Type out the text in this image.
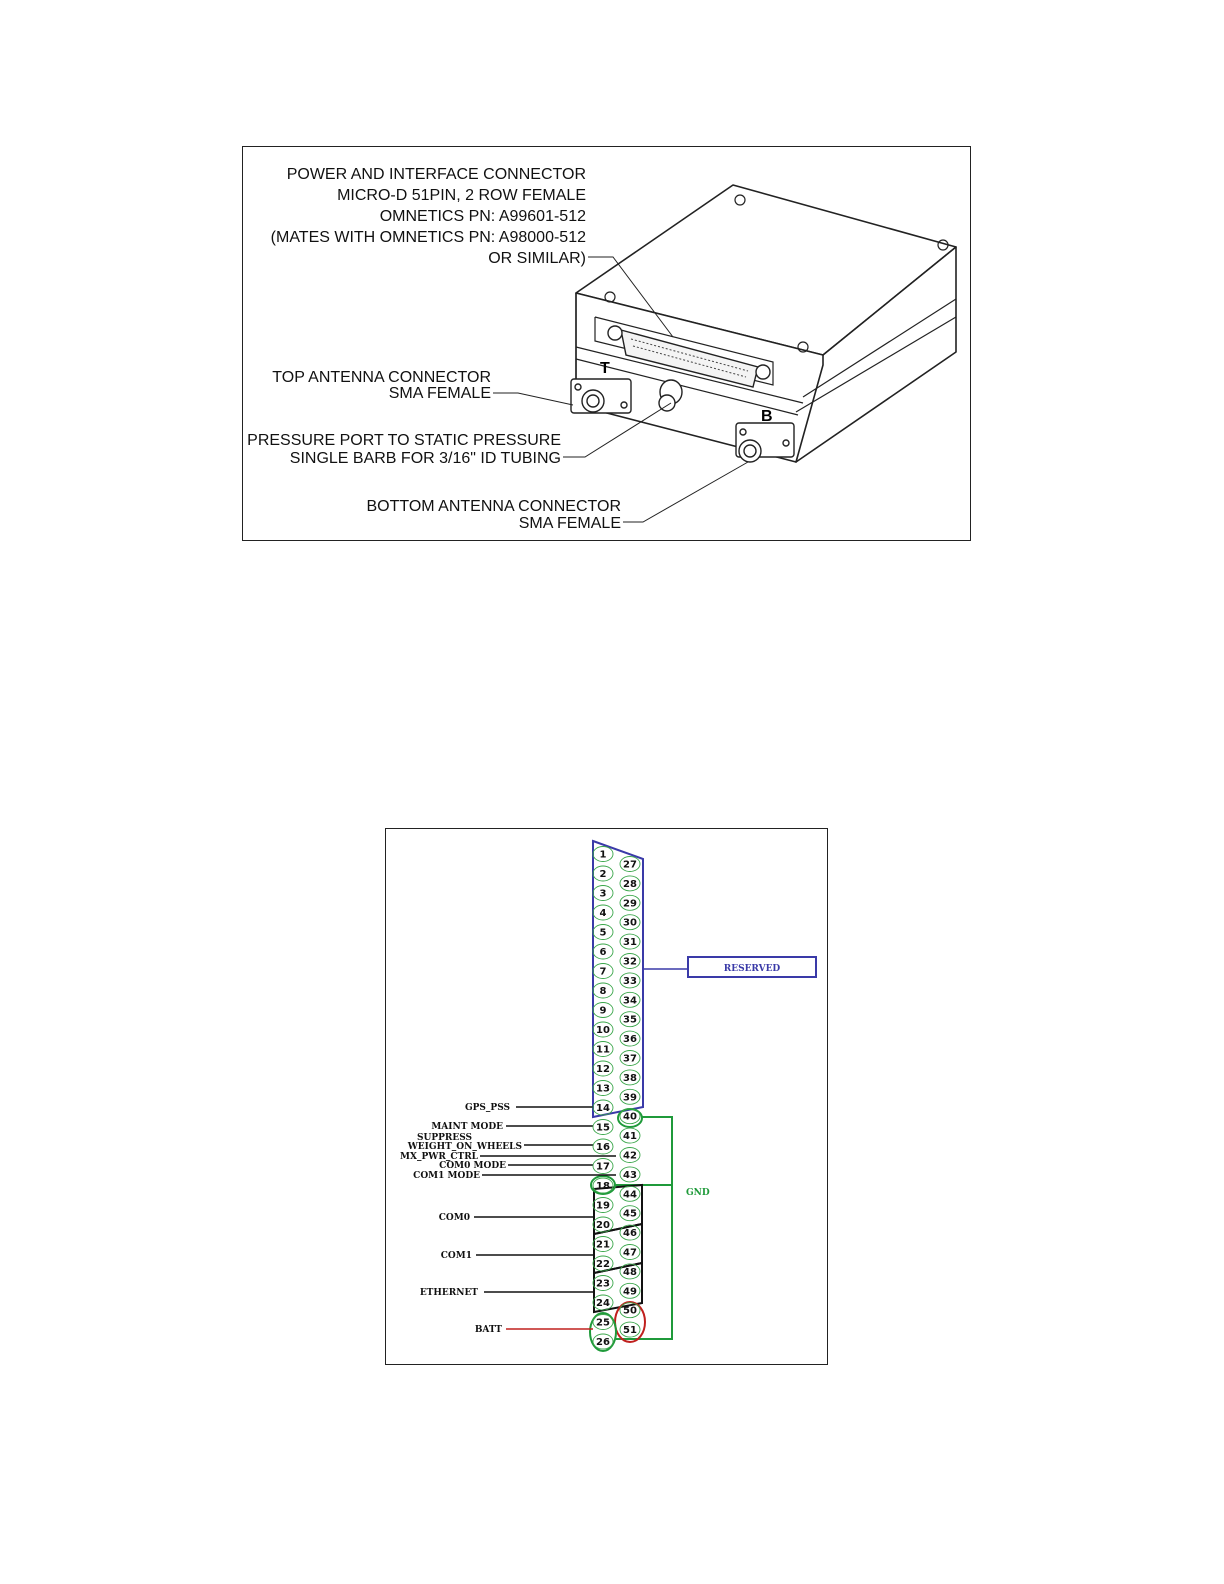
T
B
POWER AND INTERFACE CONNECTOR
MICRO-D 51PIN, 2 ROW FEMALE
OMNETICS PN: A99601-512
(MATES WITH OMNETICS PN: A98000-512
OR SIMILAR)
TOP ANTENNA CONNECTOR
SMA FEMALE
PRESSURE PORT TO STATIC PRESSURE
SINGLE BARB FOR 3/16" ID TUBING
BOTTOM ANTENNA CONNECTOR
SMA FEMALE
RESERVED
GND
GPS_PSS
MAINT MODE
SUPPRESS
WEIGHT_ON_WHEELS
MX_PWR_CTRL
COM0 MODE
COM1 MODE
COM0
COM1
ETHERNET
BATT
1
2
3
4
5
6
7
8
9
10
11
12
13
14
15
16
17
18
19
20
21
22
23
24
25
26
27
28
29
30
31
32
33
34
35
36
37
38
39
40
41
42
43
44
45
46
47
48
49
50
51
